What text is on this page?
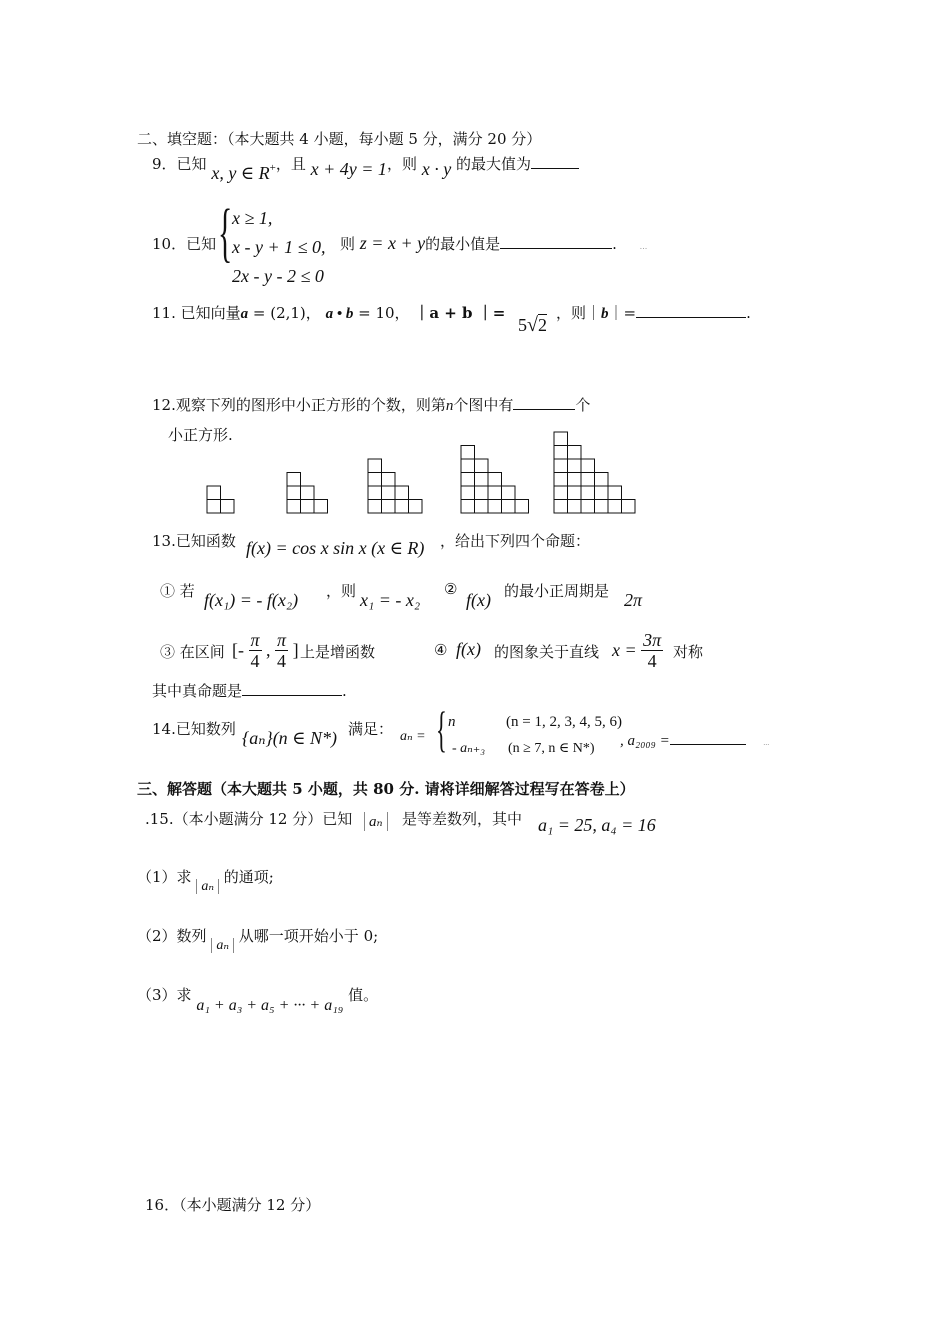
二、填空题：（本大题共 4 小题，每小题 5 分，满分 20 分）
9．已知 x, y ∈ R+，且 x + 4y = 1，则 x · y 的最大值为
10．已知 { x ≥ 1,
x - y + 1 ≤ 0,
2x - y - 2 ≤ 0
则 z = x + y的最小值是	.	...
11. 已知向量a = (2,1)， a • b = 10， ｜a + b ｜=
5√2
，则｜b｜=	.
12.观察下列的图形中小正方形的个数，则第n个图中有	个
小正方形.
13.已知函数 f(x) = cos x sin x (x ∈ R) ，给出下列四个命题：
① 若 f(x₁) = - f(x₂) ，则 x₁ = - x₂
②
f(x) 的最小正周期是 2π
③ 在区间 [- $\frac{\pi}{4}$ , $\frac{\pi}{4}$ ] 上是增函数	④ f(x) 的图象关于直线 $x = \frac{3\pi}{4}$ 对称
其中真命题是	.
14.已知数列 {aₙ}(n ∈ N*) 满足： aₙ = { n	(n = 1, 2, 3, 4, 5, 6)
- aₙ₊₃ (n ≥ 7, n ∈ N*) , a₂₀₀₉ =	...
三、解答题（本大题共 5 小题，共 80 分. 请将详细解答过程写在答卷上）
.15.（本小题满分 12 分）已知	aₙ	是等差数列，其中 a₁ = 25, a₄ = 16
（1）求 aₙ 的通项;
（2）数列 aₙ 从哪一项开始小于 0;
（3）求 a₁ + a₃ + a₅ + ··· + a₁₉ 值。
16．（本小题满分 12 分）
